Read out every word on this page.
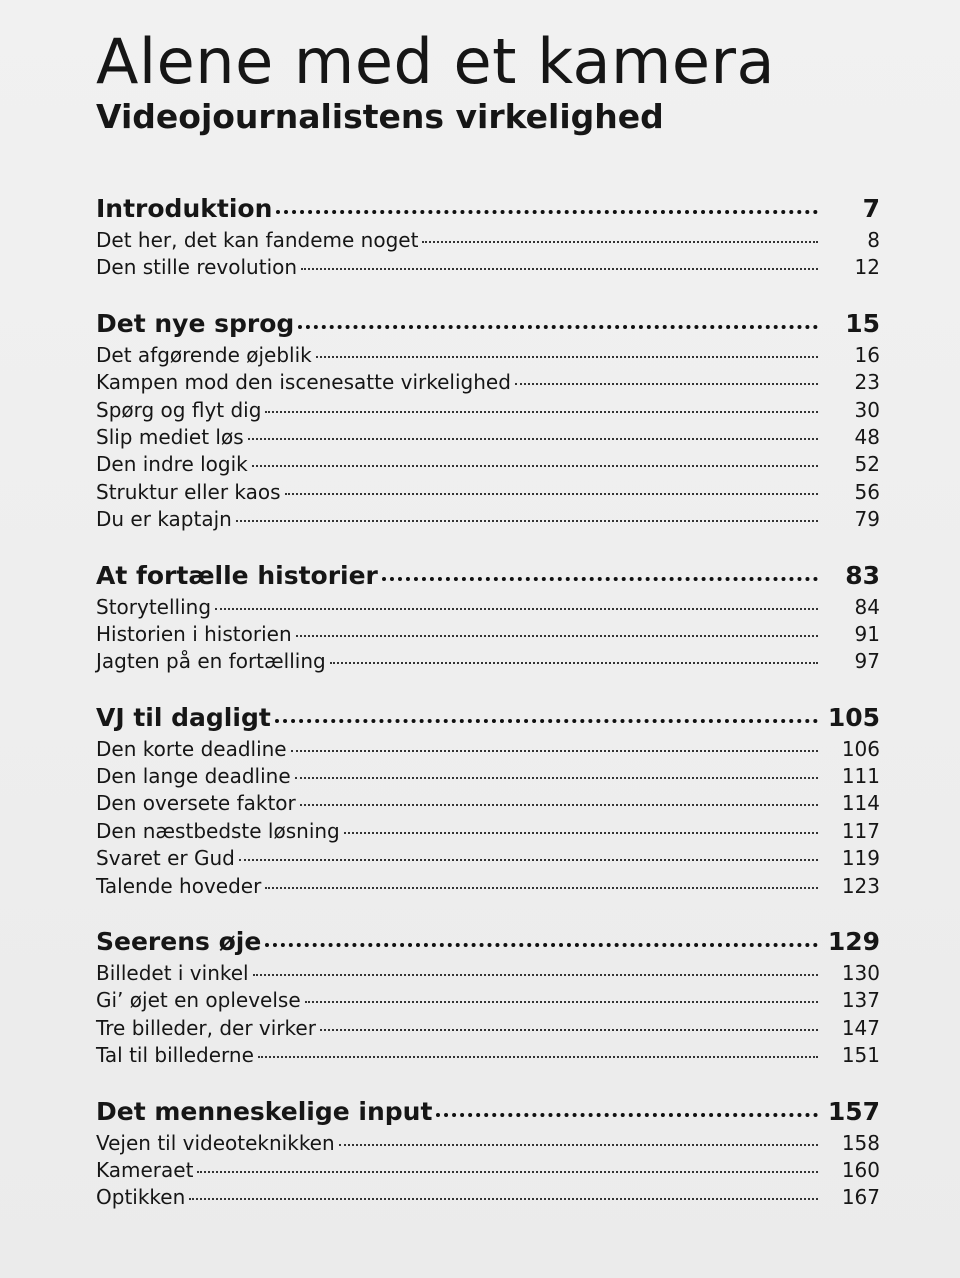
Alene med et kamera
Videojournalistens virkelighed
Introduktion	7
Det her, det kan fandeme noget	8
Den stille revolution	12
Det nye sprog	15
Det afgørende øjeblik	16
Kampen mod den iscenesatte virkelighed	23
Spørg og flyt dig	30
Slip mediet løs	48
Den indre logik	52
Struktur eller kaos	56
Du er kaptajn	79
At fortælle historier	83
Storytelling	84
Historien i historien	91
Jagten på en fortælling	97
VJ til dagligt	105
Den korte deadline	106
Den lange deadline	111
Den oversete faktor	114
Den næstbedste løsning	117
Svaret er Gud	119
Talende hoveder	123
Seerens øje	129
Billedet i vinkel	130
Gi’ øjet en oplevelse	137
Tre billeder, der virker	147
Tal til billederne	151
Det menneskelige input	157
Vejen til videoteknikken	158
Kameraet	160
Optikken	167
